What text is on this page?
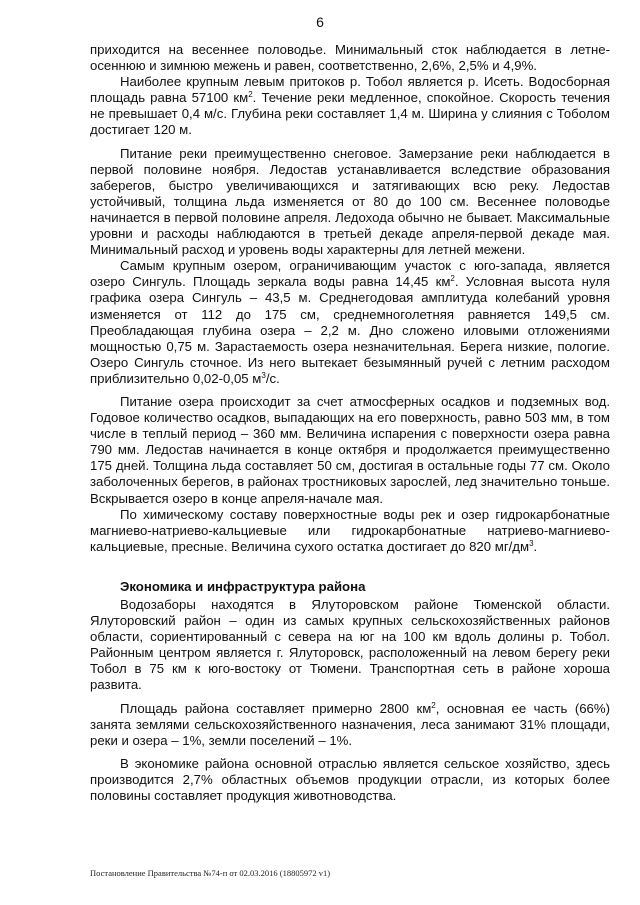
6

приходится на весеннее половодье. Минимальный сток наблюдается в летне-осеннюю и зимнюю межень и равен, соответственно, 2,6%, 2,5% и 4,9%.

Наиболее крупным левым притоков р. Тобол является р. Исеть. Водосборная площадь равна 57100 $км^2$. Течение реки медленное, спокойное. Скорость течения не превышает 0,4 м/с. Глубина реки составляет 1,4 м. Ширина у слияния с Тоболом достигает 120 м.

Питание реки преимущественно снеговое. Замерзание реки наблюдается в первой половине ноября. Ледостав устанавливается вследствие образования заберегов, быстро увеличивающихся и затягивающих всю реку. Ледостав устойчивый, толщина льда изменяется от 80 до 100 см. Весеннее половодье начинается в первой половине апреля. Ледохода обычно не бывает. Максимальные уровни и расходы наблюдаются в третьей декаде апреля-первой декаде мая. Минимальный расход и уровень воды характерны для летней межени.

Самым крупным озером, ограничивающим участок с юго-запада, является озеро Сингуль. Площадь зеркала воды равна 14,45 $км^2$. Условная высота нуля графика озера Сингуль – 43,5 м. Среднегодовая амплитуда колебаний уровня изменяется от 112 до 175 см, среднемноголетняя равняется 149,5 см. Преобладающая глубина озера – 2,2 м. Дно сложено иловыми отложениями мощностью 0,75 м. Зарастаемость озера незначительная. Берега низкие, пологие. Озеро Сингуль сточное. Из него вытекает безымянный ручей с летним расходом приблизительно 0,02-0,05 $м^3/с$.

Питание озера происходит за счет атмосферных осадков и подземных вод. Годовое количество осадков, выпадающих на его поверхность, равно 503 мм, в том числе в теплый период – 360 мм. Величина испарения с поверхности озера равна 790 мм. Ледостав начинается в конце октября и продолжается преимущественно 175 дней. Толщина льда составляет 50 см, достигая в остальные годы 77 см. Около заболоченных берегов, в районах тростниковых зарослей, лед значительно тоньше. Вскрывается озеро в конце апреля-начале мая.

По химическому составу поверхностные воды рек и озер гидрокарбонатные магниево-натриево-кальциевые или гидрокарбонатные натриево-магниево-кальциевые, пресные. Величина сухого остатка достигает до 820 $мг/дм^3$.

Экономика и инфраструктура района

Водозаборы находятся в Ялуторовском районе Тюменской области. Ялуторовский район – один из самых крупных сельскохозяйственных районов области, сориентированный с севера на юг на 100 км вдоль долины р. Тобол. Районным центром является г. Ялуторовск, расположенный на левом берегу реки Тобол в 75 км к юго-востоку от Тюмени. Транспортная сеть в районе хороша развита.

Площадь района составляет примерно 2800 $км^2$, основная ее часть (66%) занята землями сельскохозяйственного назначения, леса занимают 31% площади, реки и озера – 1%, земли поселений – 1%.

В экономике района основной отраслью является сельское хозяйство, здесь производится 2,7% областных объемов продукции отрасли, из которых более половины составляет продукция животноводства.

Постановление Правительства №74-п от 02.03.2016 (18805972 v1)
